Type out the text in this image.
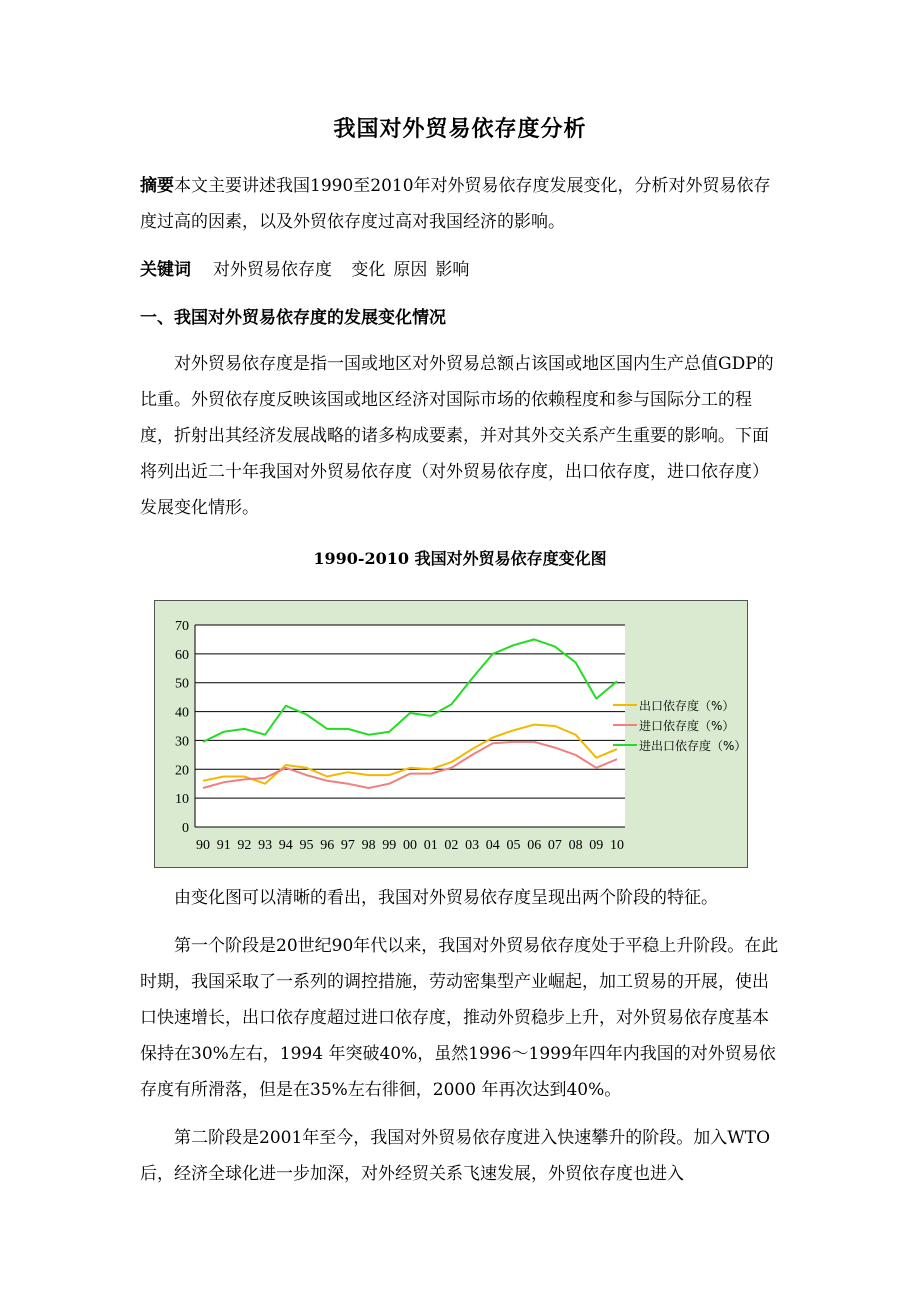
我国对外贸易依存度分析

摘要本文主要讲述我国1990至2010年对外贸易依存度发展变化，分析对外贸易依存度过高的因素，以及外贸依存度过高对我国经济的影响。

关键词 对外贸易依存度 变化 原因 影响

一、我国对外贸易依存度的发展变化情况

对外贸易依存度是指一国或地区对外贸易总额占该国或地区国内生产总值GDP的比重。外贸依存度反映该国或地区经济对国际市场的依赖程度和参与国际分工的程度，折射出其经济发展战略的诸多构成要素，并对其外交关系产生重要的影响。下面将列出近二十年我国对外贸易依存度（对外贸易依存度，出口依存度，进口依存度）发展变化情形。

1990-2010 我国对外贸易依存度变化图

0
10
20
30
40
50
60
70
90 91 92 93 94 95 96 97 98 99 00 01 02 03 04 05 06 07 08 09 10
出口依存度（%）
进口依存度（%）
进出口依存度（%）

由变化图可以清晰的看出，我国对外贸易依存度呈现出两个阶段的特征。

第一个阶段是20世纪90年代以来，我国对外贸易依存度处于平稳上升阶段。在此时期，我国采取了一系列的调控措施，劳动密集型产业崛起，加工贸易的开展，使出口快速增长，出口依存度超过进口依存度，推动外贸稳步上升，对外贸易依存度基本保持在30%左右，1994 年突破40%，虽然1996～1999年四年内我国的对外贸易依存度有所滑落，但是在35%左右徘徊，2000 年再次达到40%。

第二阶段是2001年至今，我国对外贸易依存度进入快速攀升的阶段。加入WTO后，经济全球化进一步加深，对外经贸关系飞速发展，外贸依存度也进入
